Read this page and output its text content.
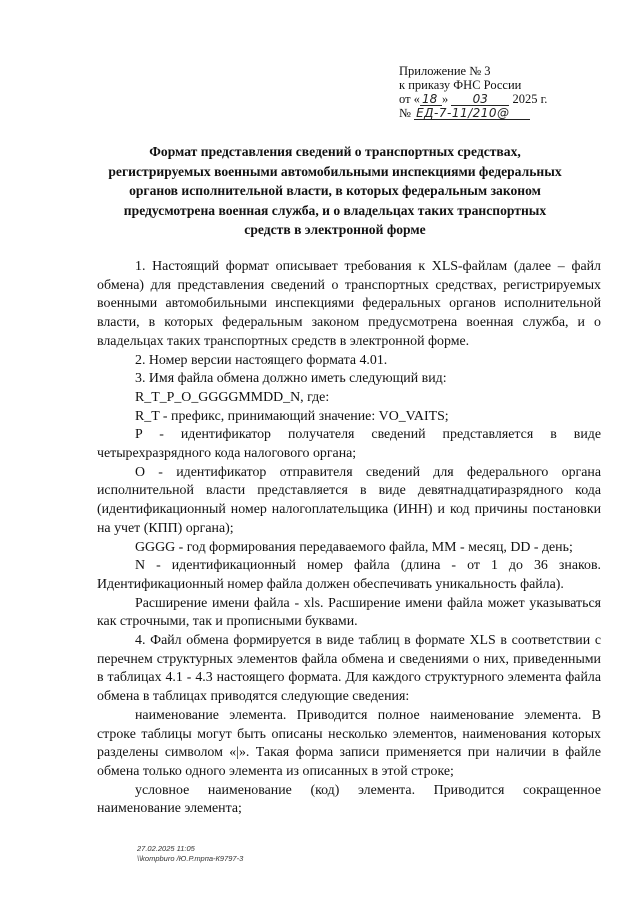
Приложение № 3
к приказу ФНС России
от « 18 » 03 2025 г.
№ ЕД-7-11/210@
Формат представления сведений о транспортных средствах, регистрируемых военными автомобильными инспекциями федеральных органов исполнительной власти, в которых федеральным законом предусмотрена военная служба, и о владельцах таких транспортных средств в электронной форме

1. Настоящий формат описывает требования к XLS-файлам (далее – файл обмена) для представления сведений о транспортных средствах, регистрируемых военными автомобильными инспекциями федеральных органов исполнительной власти, в которых федеральным законом предусмотрена военная служба, и о владельцах таких транспортных средств в электронной форме.

2. Номер версии настоящего формата 4.01.

3. Имя файла обмена должно иметь следующий вид:

R_T_P_O_GGGGMMDD_N, где:

R_T - префикс, принимающий значение: VO_VAITS;

P - идентификатор получателя сведений представляется в виде четырехразрядного кода налогового органа;

O - идентификатор отправителя сведений для федерального органа исполнительной власти представляется в виде девятнадцатиразрядного кода (идентификационный номер налогоплательщика (ИНН) и код причины постановки на учет (КПП) органа);

GGGG - год формирования передаваемого файла, MM - месяц, DD - день;

N - идентификационный номер файла (длина - от 1 до 36 знаков. Идентификационный номер файла должен обеспечивать уникальность файла).

Расширение имени файла - xls. Расширение имени файла может указываться как строчными, так и прописными буквами.

4. Файл обмена формируется в виде таблиц в формате XLS в соответствии с перечнем структурных элементов файла обмена и сведениями о них, приведенными в таблицах 4.1 - 4.3 настоящего формата. Для каждого структурного элемента файла обмена в таблицах приводятся следующие сведения:

наименование элемента. Приводится полное наименование элемента. В строке таблицы могут быть описаны несколько элементов, наименования которых разделены символом «|». Такая форма записи применяется при наличии в файле обмена только одного элемента из описанных в этой строке;

условное наименование (код) элемента. Приводится сокращенное наименование элемента;

27.02.2025 11:05
\\kompburo /Ю.Р.трпа-К9797-3
